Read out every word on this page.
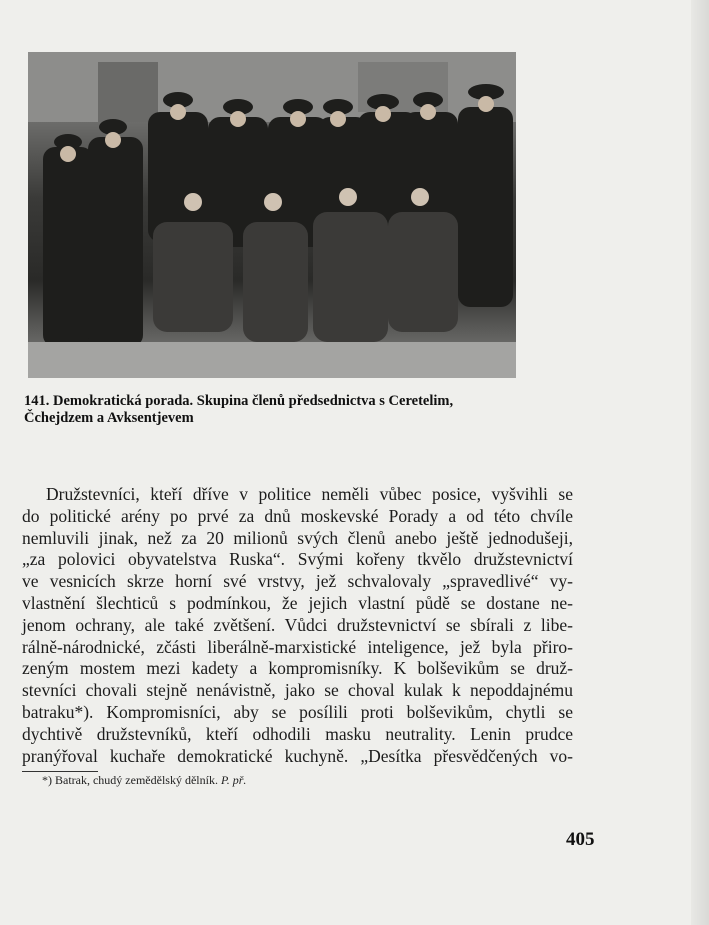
141. Demokratická porada. Skupina členů předsednictva s Ceretelim,
Čchejdzem a Avksentjevem
Družstevníci, kteří dříve v politice neměli vůbec posice, vyšvihli se
do politické arény po prvé za dnů moskevské Porady a od této chvíle
nemluvili jinak, než za 20 milionů svých členů anebo ještě jednodušeji,
„za polovici obyvatelstva Ruska“. Svými kořeny tkvělo družstevnictví
ve vesnicích skrze horní své vrstvy, jež schvalovaly „spravedlivé“ vy-
vlastnění šlechticů s podmínkou, že jejich vlastní půdě se dostane ne-
jenom ochrany, ale také zvětšení. Vůdci družstevnictví se sbírali z libe-
rálně-národnické, zčásti liberálně-marxistické inteligence, jež byla přiro-
zeným mostem mezi kadety a kompromisníky. K bolševikům se druž-
stevníci chovali stejně nenávistně, jako se choval kulak k nepoddajnému
batraku*). Kompromisníci, aby se posílili proti bolševikům, chytli se
dychtivě družstevníků, kteří odhodili masku neutrality. Lenin prudce
pranýřoval kuchaře demokratické kuchyně. „Desítka přesvědčených vo-
*) Batrak, chudý zemědělský dělník. P. př.
405
